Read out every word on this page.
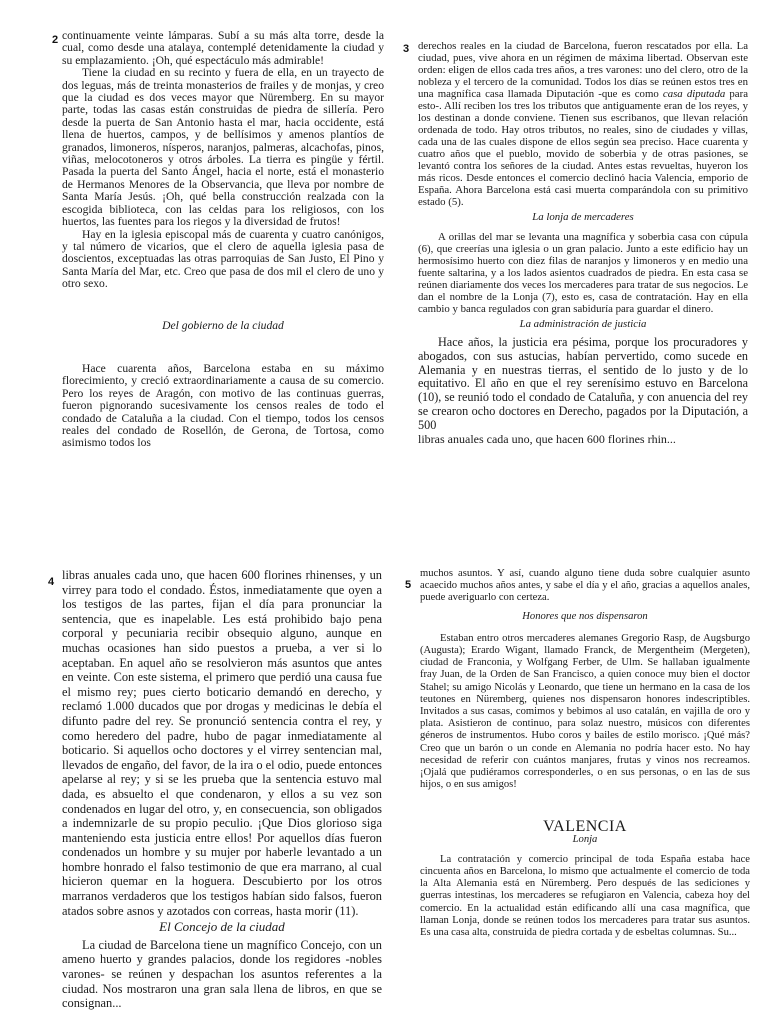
2 continuamente veinte lámparas. Subí a su más alta torre, desde la cual, como desde una atalaya, contemplé detenidamente la ciudad y su emplazamiento. ¡Oh, qué espectáculo más admirable!

Tiene la ciudad en su recinto y fuera de ella, en un trayecto de dos leguas, más de treinta monasterios de frailes y de monjas, y creo que la ciudad es dos veces mayor que Nüremberg. En su mayor parte, todas las casas están construidas de piedra de sillería. Pero desde la puerta de San Antonio hasta el mar, hacia occidente, está llena de huertos, campos, y de bellísimos y amenos plantíos de granados, limoneros, nísperos, naranjos, palmeras, alcachofas, pinos, viñas, melocotoneros y otros árboles. La tierra es pingüe y fértil. Pasada la puerta del Santo Ángel, hacia el norte, está el monasterio de Hermanos Menores de la Observancia, que lleva por nombre de Santa María Jesús. ¡Oh, qué bella construcción realzada con la escogida biblioteca, con las celdas para los religiosos, con los huertos, las fuentes para los riegos y la diversidad de frutos!

Hay en la iglesia episcopal más de cuarenta y cuatro canónigos, y tal número de vicarios, que el clero de aquella iglesia pasa de doscientos, exceptuadas las otras parroquias de San Justo, El Pino y Santa María del Mar, etc. Creo que pasa de dos mil el clero de uno y otro sexo.

Del gobierno de la ciudad

Hace cuarenta años, Barcelona estaba en su máximo florecimiento, y creció extraordinariamente a causa de su comercio. Pero los reyes de Aragón, con motivo de las continuas guerras, fueron pignorando sucesivamente los censos reales de todo el condado de Cataluña a la ciudad. Con el tiempo, todos los censos reales del condado de Rosellón, de Gerona, de Tortosa, como asimismo todos los

3 derechos reales en la ciudad de Barcelona, fueron rescatados por ella. La ciudad, pues, vive ahora en un régimen de máxima libertad. Observan este orden: eligen de ellos cada tres años, a tres varones: uno del clero, otro de la nobleza y el tercero de la comunidad. Todos los días se reúnen estos tres en una magnífica casa llamada Diputación -que es como casa diputada para esto-. Allí reciben los tres los tributos que antiguamente eran de los reyes, y los destinan a donde conviene. Tienen sus escribanos, que llevan relación ordenada de todo. Hay otros tributos, no reales, sino de ciudades y villas, cada una de las cuales dispone de ellos según sea preciso. Hace cuarenta y cuatro años que el pueblo, movido de soberbia y de otras pasiones, se levantó contra los señores de la ciudad. Antes estas revueltas, huyeron los más ricos. Desde entonces el comercio declinó hacia Valencia, emporio de España. Ahora Barcelona está casi muerta comparándola con su primitivo estado (5).

La lonja de mercaderes

A orillas del mar se levanta una magnífica y soberbia casa con cúpula (6), que creerías una iglesia o un gran palacio. Junto a este edificio hay un hermosísimo huerto con diez filas de naranjos y limoneros y en medio una fuente saltarina, y a los lados asientos cuadrados de piedra. En esta casa se reúnen diariamente dos veces los mercaderes para tratar de sus negocios. Le dan el nombre de la Lonja (7), esto es, casa de contratación. Hay en ella cambio y banca regulados con gran sabiduría para guardar el dinero.

La administración de justicia

Hace años, la justicia era pésima, porque los procuradores y abogados, con sus astucias, habían pervertido, como sucede en Alemania y en nuestras tierras, el sentido de lo justo y de lo equitativo. El año en que el rey serenísimo estuvo en Barcelona (10), se reunió todo el condado de Cataluña, y con anuencia del rey se crearon ocho doctores en Derecho, pagados por la Diputación, a 500

libras anuales cada uno, que hacen 600 florines rhin...

4 libras anuales cada uno, que hacen 600 florines rhinenses, y un virrey para todo el condado. Éstos, inmediatamente que oyen a los testigos de las partes, fijan el día para pronunciar la sentencia, que es inapelable. Les está prohibido bajo pena corporal y pecuniaria recibir obsequio alguno, aunque en muchas ocasiones han sido puestos a prueba, a ver si lo aceptaban. En aquel año se resolvieron más asuntos que antes en veinte. Con este sistema, el primero que perdió una causa fue el mismo rey; pues cierto boticario demandó en derecho, y reclamó 1.000 ducados que por drogas y medicinas le debía el difunto padre del rey. Se pronunció sentencia contra el rey, y como heredero del padre, hubo de pagar inmediatamente al boticario. Si aquellos ocho doctores y el virrey sentencian mal, llevados de engaño, del favor, de la ira o el odio, puede entonces apelarse al rey; y si se les prueba que la sentencia estuvo mal dada, es absuelto el que condenaron, y ellos a su vez son condenados en lugar del otro, y, en consecuencia, son obligados a indemnizarle de su propio peculio. ¡Que Dios glorioso siga manteniendo esta justicia entre ellos! Por aquellos días fueron condenados un hombre y su mujer por haberle levantado a un hombre honrado el falso testimonio de que era marrano, al cual hicieron quemar en la hoguera. Descubierto por los otros marranos verdaderos que los testigos habían sido falsos, fueron atados sobre asnos y azotados con correas, hasta morir (11).

El Concejo de la ciudad

La ciudad de Barcelona tiene un magnífico Concejo, con un ameno huerto y grandes palacios, donde los regidores -nobles varones- se reúnen y despachan los asuntos referentes a la ciudad. Nos mostraron una gran sala llena de libros, en que se consignan...

5

muchos asuntos. Y así, cuando alguno tiene duda sobre cualquier asunto acaecido muchos años antes, y sabe el día y el año, gracias a aquellos anales, puede averiguarlo con certeza.

Honores que nos dispensaron

Estaban entro otros mercaderes alemanes Gregorio Rasp, de Augsburgo (Augusta); Erardo Wigant, llamado Franck, de Mergentheim (Mergeten), ciudad de Franconia, y Wolfgang Ferber, de Ulm. Se hallaban igualmente fray Juan, de la Orden de San Francisco, a quien conoce muy bien el doctor Stahel; su amigo Nicolás y Leonardo, que tiene un hermano en la casa de los teutones en Nüremberg, quienes nos dispensaron honores indescriptibles. Invitados a sus casas, comimos y bebimos al uso catalán, en vajilla de oro y plata. Asistieron de continuo, para solaz nuestro, músicos con diferentes géneros de instrumentos. Hubo coros y bailes de estilo morisco. ¡Qué más? Creo que un barón o un conde en Alemania no podría hacer esto. No hay necesidad de referir con cuántos manjares, frutas y vinos nos recreamos. ¡Ojalá que pudiéramos corresponderles, o en sus personas, o en las de sus hijos, o en sus amigos!

VALENCIA

Lonja

La contratación y comercio principal de toda España estaba hace cincuenta años en Barcelona, lo mismo que actualmente el comercio de toda la Alta Alemania está en Nüremberg. Pero después de las sediciones y guerras intestinas, los mercaderes se refugiaron en Valencia, cabeza hoy del comercio. En la actualidad están edificando allí una casa magnífica, que llaman Lonja, donde se reúnen todos los mercaderes para tratar sus asuntos. Es una casa alta, construida de piedra cortada y de esbeltas columnas. Su...
